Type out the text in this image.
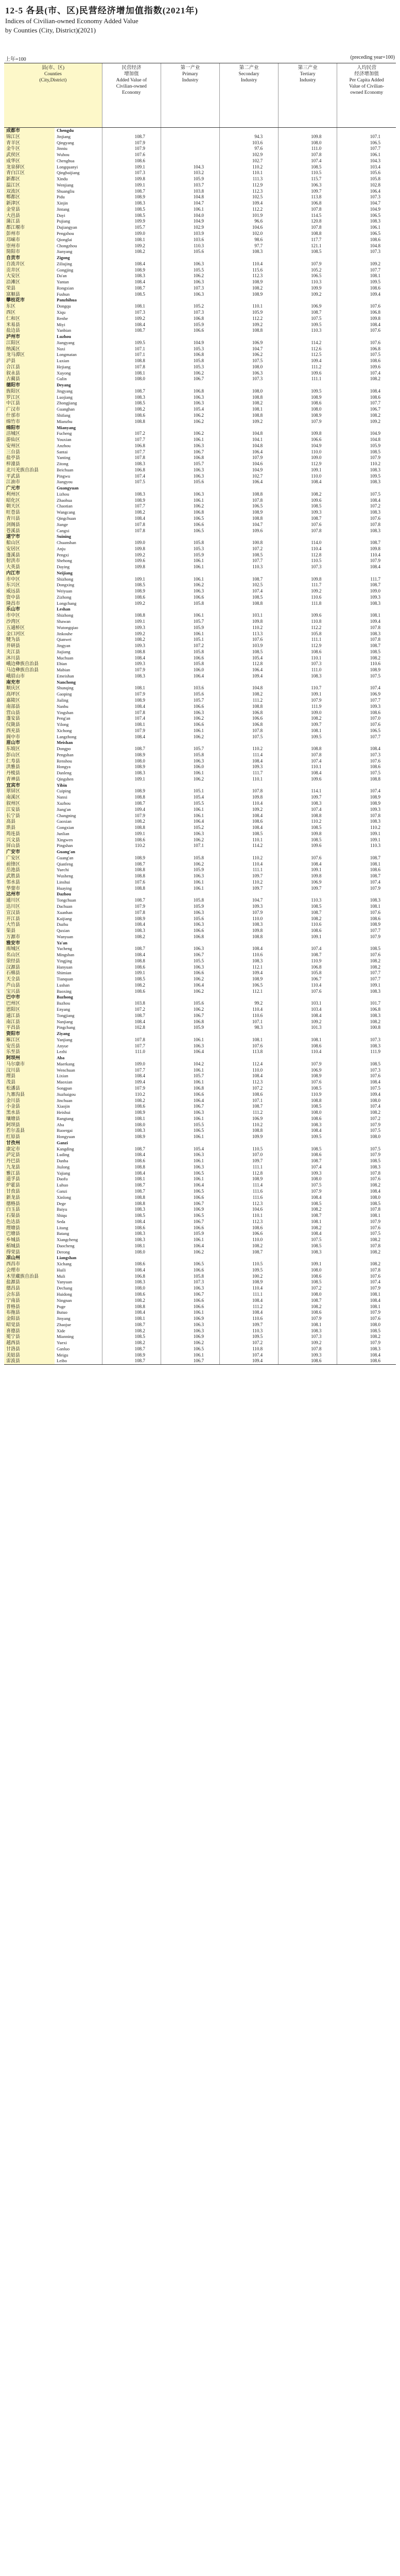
12-5 各县(市、区)民营经济增加值指数(2021年)
Indices of Civilian-owned Economy Added Value
by Counties (City, District)(2021)
上年=100	(preceding year=100)
县(市、区)
Counties
(City,District)		民营经济
增加值
Added Value of
Civilian-owned
Economy	第一产业
Primary
Industry	第二产业
Secondary
Industry	第三产业
Tertiary
Industry	人均民营
经济增加值
Per Capita Added
Value of Civilian-
owned Economy

成都市	Chengdu					
锦江区	Jinjiang	108.7		94.3	109.8	107.1
青羊区	Qingyang	107.9		103.6	108.0	106.5
金牛区	Jinniu	107.9		97.6	111.0	107.7
武侯区	Wuhou	107.6		102.9	107.8	106.1
成华区	Chenghua	108.6		102.7	107.4	104.3
龙泉驿区	Longquanyi	109.1	104.3	110.2	108.5	103.4
青白江区	Qingbaijiang	107.3	103.2	110.1	110.5	105.6
新都区	Xindu	109.8	105.9	111.3	115.7	105.8
温江区	Wenjiang	109.1	103.7	112.9	106.3	102.8
双流区	Shuangliu	108.7	103.8	112.3	109.7	106.4
郫都区	Pidu	108.9	104.8	102.5	113.8	107.3
新津区	Xinjin	108.3	104.7	109.4	106.8	104.7
金堂县	Jintang	108.5	106.1	112.2	107.8	104.9
大邑县	Dayi	108.5	104.0	101.9	114.5	106.5
蒲江县	Pujiang	109.9	104.9	96.6	120.8	108.3
都江堰市	Dujiangyan	105.7	102.9	104.6	107.8	106.1
彭州市	Pengzhou	109.0	103.9	102.0	108.8	106.5
邛崃市	Qionglai	108.1	103.6	98.6	117.7	108.6
崇州市	Chongzhou	109.2	110.3	97.7	121.1	104.8
简阳市	Jianyang	108.2	105.6	108.3	108.5	107.3
自贡市	Zigong					
自流井区	Ziliujing	108.4	106.3	110.4	107.9	109.2
贡井区	Gongjing	108.9	105.5	115.6	105.2	107.7
大安区	Da'an	108.3	106.2	112.3	106.5	108.1
沿滩区	Yantan	108.4	106.3	108.9	110.3	109.5
荣县	Rongxian	108.7	107.3	108.2	109.9	108.6
富顺县	Fushun	108.5	106.3	108.9	109.2	109.4
攀枝花市	Panzhihua					
东区	Dongqu	108.1	105.2	110.1	106.9	107.6
西区	Xiqu	107.3	107.3	105.9	108.7	106.8
仁和区	Renhe	109.2	106.8	112.2	107.5	109.8
米易县	Miyi	108.4	105.9	109.2	109.5	108.4
盐边县	Yanbian	108.7	106.6	108.8	110.3	107.6
泸州市	Luzhou					
江阳区	Jiangyang	109.5	104.9	106.9	114.2	107.6
纳溪区	Naxi	107.1	105.3	104.7	112.6	106.8
龙马潭区	Longmatan	107.1	106.8	106.2	112.5	107.5
泸县	Luxian	108.8	105.8	107.5	109.4	108.6
合江县	Hejiang	107.8	105.3	108.0	111.2	109.6
叙永县	Xuyong	108.1	106.2	106.3	109.6	107.4
古蔺县	Gulin	108.0	106.7	107.3	111.1	108.2
德阳市	Deyang					
旌阳区	Jingyang	108.7	106.8	108.0	109.5	108.4
罗江区	Luojiang	108.3	106.3	108.8	108.9	108.6
中江县	Zhongjiang	108.5	106.3	108.2	108.6	107.7
广汉市	Guanghan	108.2	105.4	108.1	108.0	106.7
什邡市	Shifang	108.6	106.2	108.8	108.9	108.2
绵竹市	Mianzhu	108.8	106.2	109.2	107.9	109.2
绵阳市	Mianyang					
涪城区	Fucheng	107.2	106.2	104.8	109.8	104.9
游仙区	Youxian	107.7	106.1	104.1	106.6	104.8
安州区	Anzhou	106.8	106.3	104.8	104.9	105.9
三台县	Santai	107.7	106.7	106.4	110.0	108.5
盐亭县	Yanting	107.8	106.8	107.9	109.0	107.9
梓潼县	Zitong	108.3	105.7	104.6	112.9	110.2
北川羌族自治县	Beichuan	106.8	106.3	104.9	109.1	108.3
平武县	Pingwu	107.4	106.3	102.7	110.0	109.5
江油市	Jiangyou	107.5	105.6	106.4	108.4	108.3
广元市	Guangyuan					
利州区	Lizhou	108.3	106.3	108.8	108.2	107.5
昭化区	Zhaohua	108.9	106.1	107.8	109.6	108.4
朝天区	Chaotian	107.7	106.2	106.5	108.5	107.2
旺苍县	Wangcang	108.2	106.8	108.9	109.3	108.3
青川县	Qingchuan	108.4	106.5	108.8	108.7	107.6
剑阁县	Jiange	107.8	106.6	104.7	107.6	107.8
苍溪县	Cangxi	107.8	106.5	109.6	107.8	108.3
遂宁市	Suining					
船山区	Chuanshan	109.0	105.8	100.8	114.0	108.7
安居区	Anju	109.8	105.3	107.2	110.4	109.8
蓬溪县	Pengxi	109.2	105.9	108.5	112.8	110.4
射洪市	Shehong	109.6	106.1	107.7	110.5	107.9
大英县	Daying	109.8	106.1	110.3	107.3	108.4
内江市	Neijiang					
市中区	Shizhong	109.1	106.1	108.7	109.8	111.7
东兴区	Dongxing	108.5	106.2	102.5	111.7	108.7
威远县	Weiyuan	108.9	106.3	107.4	109.2	109.0
资中县	Zizhong	108.6	106.6	108.5	110.6	109.3
隆昌市	Longchang	109.2	105.8	108.8	111.8	108.3
乐山市	Leshan					
市中区	Shizhong	108.8	106.1	103.1	109.6	108.1
沙湾区	Shawan	109.1	105.7	109.8	110.8	109.4
五通桥区	Wutongqiao	109.3	105.9	110.2	112.2	107.8
金口河区	Jinkouhe	109.2	106.1	113.3	105.8	108.3
犍为县	Qianwei	108.2	105.1	107.6	111.1	107.8
井研县	Jingyan	109.3	107.2	103.9	112.9	108.7
夹江县	Jiajiang	108.8	105.8	108.5	108.6	108.5
沐川县	Muchuan	108.4	106.6	105.4	110.1	108.2
峨边彝族自治县	Ebian	109.3	105.8	112.8	107.3	110.6
马边彝族自治县	Mabian	107.9	106.0	106.4	111.0	108.9
峨眉山市	Emeishan	108.3	106.4	109.4	108.3	107.5
南充市	Nanchong					
顺庆区	Shunqing	108.1	103.6	104.8	110.7	107.4
高坪区	Gaoping	107.9	105.6	108.2	109.1	106.9
嘉陵区	Jialing	108.9	105.7	111.2	107.9	107.7
南部县	Nanbu	108.4	106.6	108.8	111.9	109.3
营山县	Yingshan	107.8	106.3	106.8	109.0	108.6
蓬安县	Peng'an	107.4	106.2	106.6	108.2	107.0
仪陇县	Yilong	108.1	106.6	106.8	109.7	107.6
西充县	Xichong	107.9	106.1	107.8	108.1	106.5
阆中市	Langzhong	108.4	106.2	107.5	109.5	107.7
眉山市	Meishan					
东坡区	Dongpo	108.7	105.7	110.2	108.8	108.4
彭山区	Pengshan	108.9	105.8	111.4	107.8	107.3
仁寿县	Renshou	108.0	106.3	108.4	107.4	107.6
洪雅县	Hongya	108.9	106.0	109.3	110.1	108.6
丹棱县	Danleng	108.3	106.1	111.7	108.4	107.5
青神县	Qingshen	109.1	106.2	110.1	109.6	108.8
宜宾市	Yibin					
翠屏区	Cuiping	108.9	105.1	107.8	114.1	107.4
南溪区	Nanxi	108.8	105.4	109.8	109.7	108.9
叙州区	Xuzhou	108.7	105.5	110.4	108.3	108.9
江安县	Jiang'an	109.4	106.1	109.2	107.4	109.3
长宁县	Changning	107.9	106.1	108.4	108.8	107.8
高县	Gaoxian	108.2	106.4	108.6	110.2	108.3
珙县	Gongxian	108.8	105.2	108.4	108.5	110.2
筠连县	Junlian	109.1	106.3	108.5	109.8	109.1
兴文县	Xingwen	108.6	106.2	110.1	108.5	109.1
屏山县	Pingshan	110.2	107.1	114.2	109.6	110.3
广安市	Guang'an					
广安区	Guang'an	108.9	105.8	110.2	107.6	108.7
前锋区	Qianfeng	108.7	106.2	110.4	108.4	108.1
岳池县	Yuechi	108.8	105.9	111.1	109.1	108.6
武胜县	Wusheng	108.8	106.3	109.7	109.8	108.7
邻水县	Linshui	107.6	106.1	110.2	106.9	107.4
华蓥市	Huaying	108.8	106.1	109.7	109.7	107.9
达州市	Dazhou					
通川区	Tongchuan	108.7	105.8	104.7	110.3	108.3
达川区	Dachuan	107.9	105.9	109.3	108.5	108.1
宣汉县	Xuanhan	107.8	106.3	107.9	108.7	107.6
开江县	Kaijiang	108.9	105.6	110.0	108.2	108.6
大竹县	Dazhu	108.4	106.3	108.3	110.6	108.9
渠县	Quxian	108.3	106.6	109.8	108.6	107.7
万源市	Wanyuan	108.2	106.8	108.8	109.1	107.9
雅安市	Ya'an					
雨城区	Yucheng	108.7	106.3	108.4	107.4	108.5
名山区	Mingshan	108.4	106.7	110.6	108.7	107.6
荥经县	Yingjing	108.8	105.5	108.3	110.9	108.2
汉源县	Hanyuan	108.6	106.3	112.1	106.8	108.2
石棉县	Shimian	109.1	106.6	109.4	105.8	107.7
天全县	Tianquan	108.5	106.2	108.9	106.7	107.7
芦山县	Lushan	108.2	106.4	106.5	110.4	109.1
宝兴县	Baoxing	108.6	106.2	112.1	107.6	108.3
巴中市	Bazhong					
巴州区	Bazhou	103.8	105.6	99.2	103.1	101.7
恩阳区	Enyang	107.2	106.2	110.4	103.4	106.8
通江县	Tongjiang	108.7	106.7	110.6	108.4	108.3
南江县	Nanjiang	108.4	106.8	107.1	109.2	108.2
平昌县	Pingchang	102.8	105.9	98.3	101.3	100.8
资阳市	Ziyang					
雁江区	Yanjiang	107.8	106.1	108.1	108.1	107.3
安岳县	Anyue	107.7	106.3	107.6	108.6	108.3
乐至县	Lezhi	111.0	106.4	113.8	110.4	111.9
阿坝州	Aba					
马尔康市	Maerkang	109.0	104.2	112.4	107.9	108.5
汶川县	Wenchuan	107.7	106.1	110.0	106.9	107.3
理县	Lixian	108.4	105.7	108.4	108.9	107.6
茂县	Maoxian	109.4	106.1	112.3	107.6	108.4
松潘县	Songpan	107.9	106.8	107.2	108.5	107.5
九寨沟县	Jiuzhaigou	110.2	106.6	108.6	110.9	109.4
金川县	Jinchuan	108.2	106.4	107.1	108.8	108.0
小金县	Xiaojin	108.6	106.7	108.7	108.5	107.4
黑水县	Heishui	108.9	106.3	111.2	108.0	108.2
壤塘县	Rangtang	108.1	106.1	106.9	108.6	107.2
阿坝县	Aba	108.0	105.5	110.2	108.3	107.9
若尔盖县	Ruoergai	108.3	106.5	108.8	108.4	107.5
红原县	Hongyuan	108.9	106.1	109.9	109.5	108.0
甘孜州	Ganzi					
康定市	Kangding	108.7	105.4	110.5	108.5	107.5
泸定县	Luding	108.4	106.3	107.0	108.6	107.9
丹巴县	Danba	108.6	106.1	109.7	108.7	108.5
九龙县	Jiulong	108.8	106.3	111.1	107.4	108.3
雅江县	Yajiang	108.4	106.5	112.8	109.3	107.8
道孚县	Daofu	108.1	106.1	108.9	108.0	107.6
炉霍县	Luhuo	108.7	106.4	111.4	107.5	108.2
甘孜县	Ganzi	108.7	106.5	111.6	107.9	108.4
新龙县	Xinlong	108.8	106.6	111.6	108.4	108.0
德格县	Dege	108.8	106.7	112.3	108.5	108.5
白玉县	Baiyu	108.3	106.9	104.6	108.2	107.8
石渠县	Shiqu	108.5	106.5	110.1	108.7	108.1
色达县	Seda	108.4	106.7	112.3	108.1	107.9
理塘县	Litang	108.6	106.6	108.6	108.2	107.6
巴塘县	Batang	108.3	105.9	106.6	108.4	107.5
乡城县	Xiangcheng	108.3	106.1	110.0	107.5	108.2
稻城县	Daocheng	108.1	106.4	108.2	108.5	107.8
得荣县	Derong	108.0	106.2	108.7	108.3	108.2
凉山州	Liangshan					
西昌市	Xichang	108.6	106.5	110.5	109.1	108.2
会理市	Huili	108.4	106.6	109.5	108.0	107.8
木里藏族自治县	Muli	106.8	105.8	100.2	108.6	107.6
盐源县	Yanyuan	108.3	107.3	108.9	108.5	107.4
德昌县	Dechang	108.0	106.3	110.4	107.2	107.9
会东县	Huidong	108.6	106.7	111.1	108.0	108.1
宁南县	Ningnan	108.2	106.6	108.4	108.7	108.4
普格县	Puge	108.8	106.6	111.2	108.2	108.1
布拖县	Butuo	108.4	106.1	108.4	108.6	107.9
金阳县	Jinyang	108.1	106.9	110.6	107.9	107.6
昭觉县	Zhaojue	108.7	106.3	109.7	108.1	108.0
喜德县	Xide	108.2	106.3	110.3	108.3	108.5
冕宁县	Mianning	108.5	106.9	109.5	107.3	108.2
越西县	Yuexi	108.2	106.2	107.2	109.2	107.9
甘洛县	Ganluo	108.7	106.5	110.8	107.8	108.3
美姑县	Meigu	108.9	106.1	107.4	109.3	108.4
雷波县	Leibo	108.7	106.7	109.4	108.6	108.6
